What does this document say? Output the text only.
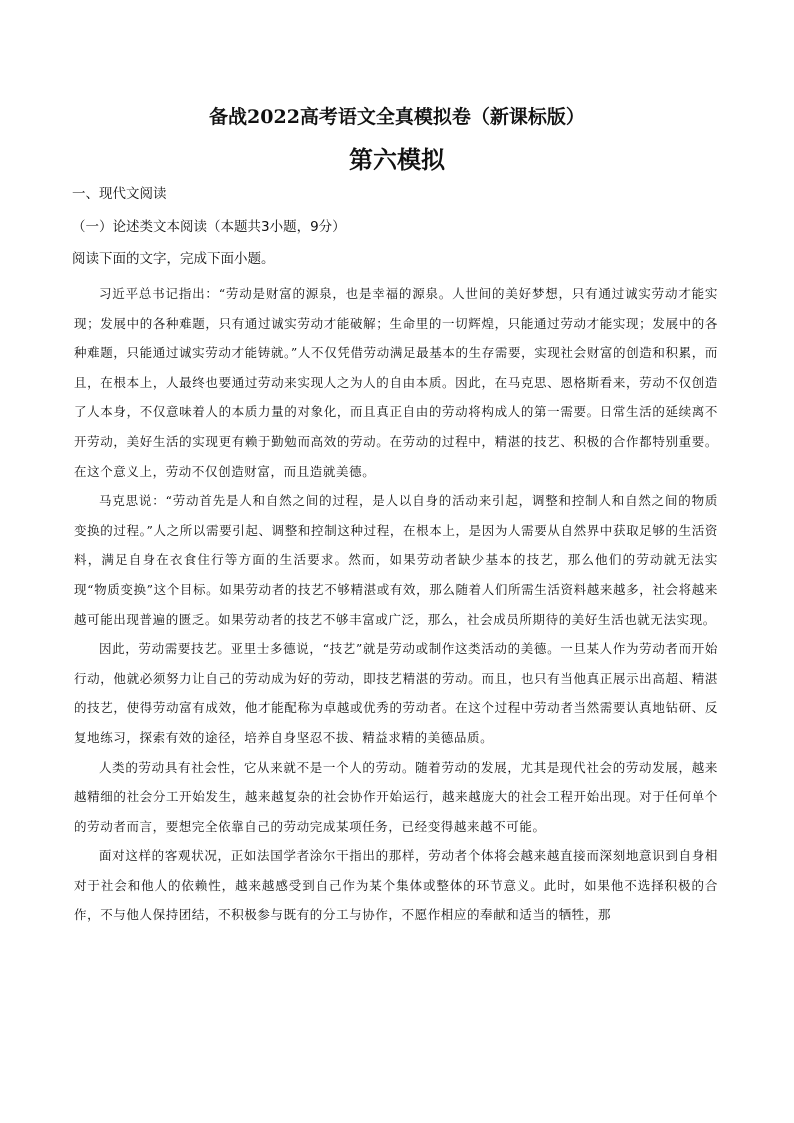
备战2022高考语文全真模拟卷（新课标版）
第六模拟
一、现代文阅读
（一）论述类文本阅读（本题共3小题，9分）
阅读下面的文字，完成下面小题。

习近平总书记指出：“劳动是财富的源泉，也是幸福的源泉。人世间的美好梦想，只有通过诚实劳动才能实现；发展中的各种难题，只有通过诚实劳动才能破解；生命里的一切辉煌，只能通过劳动才能实现；发展中的各种难题，只能通过诚实劳动才能铸就。”人不仅凭借劳动满足最基本的生存需要，实现社会财富的创造和积累，而且，在根本上，人最终也要通过劳动来实现人之为人的自由本质。因此，在马克思、恩格斯看来，劳动不仅创造了人本身，不仅意味着人的本质力量的对象化，而且真正自由的劳动将构成人的第一需要。日常生活的延续离不开劳动，美好生活的实现更有赖于勤勉而高效的劳动。在劳动的过程中，精湛的技艺、积极的合作都特别重要。在这个意义上，劳动不仅创造财富，而且造就美德。

马克思说：“劳动首先是人和自然之间的过程，是人以自身的活动来引起，调整和控制人和自然之间的物质变换的过程。”人之所以需要引起、调整和控制这种过程，在根本上，是因为人需要从自然界中获取足够的生活资料，满足自身在衣食住行等方面的生活要求。然而，如果劳动者缺少基本的技艺，那么他们的劳动就无法实现“物质变换”这个目标。如果劳动者的技艺不够精湛或有效，那么随着人们所需生活资料越来越多，社会将越来越可能出现普遍的匮乏。如果劳动者的技艺不够丰富或广泛，那么，社会成员所期待的美好生活也就无法实现。

因此，劳动需要技艺。亚里士多德说，“技艺”就是劳动或制作这类活动的美德。一旦某人作为劳动者而开始行动，他就必须努力让自己的劳动成为好的劳动，即技艺精湛的劳动。而且，也只有当他真正展示出高超、精湛的技艺，使得劳动富有成效，他才能配称为卓越或优秀的劳动者。在这个过程中劳动者当然需要认真地钻研、反复地练习，探索有效的途径，培养自身坚忍不拔、精益求精的美德品质。

人类的劳动具有社会性，它从来就不是一个人的劳动。随着劳动的发展，尤其是现代社会的劳动发展，越来越精细的社会分工开始发生，越来越复杂的社会协作开始运行，越来越庞大的社会工程开始出现。对于任何单个的劳动者而言，要想完全依靠自己的劳动完成某项任务，已经变得越来越不可能。

面对这样的客观状况，正如法国学者涂尔干指出的那样，劳动者个体将会越来越直接而深刻地意识到自身相对于社会和他人的依赖性，越来越感受到自己作为某个集体或整体的环节意义。此时，如果他不选择积极的合作，不与他人保持团结，不积极参与既有的分工与协作，不愿作相应的奉献和适当的牺牲，那
